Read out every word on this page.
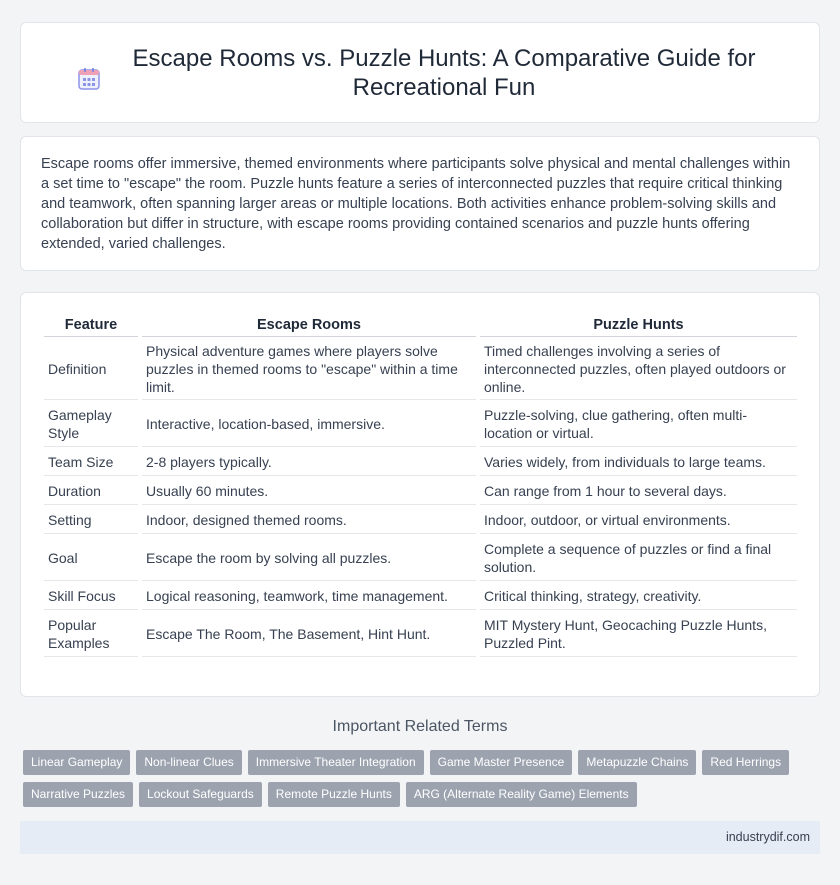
Escape Rooms vs. Puzzle Hunts: A Comparative Guide for Recreational Fun

Escape rooms offer immersive, themed environments where participants solve physical and mental challenges within a set time to "escape" the room. Puzzle hunts feature a series of interconnected puzzles that require critical thinking and teamwork, often spanning larger areas or multiple locations. Both activities enhance problem-solving skills and collaboration but differ in structure, with escape rooms providing contained scenarios and puzzle hunts offering extended, varied challenges.

Feature	Escape Rooms	Puzzle Hunts
Definition	Physical adventure games where players solve puzzles in themed rooms to "escape" within a time limit.	Timed challenges involving a series of interconnected puzzles, often played outdoors or online.
Gameplay Style	Interactive, location-based, immersive.	Puzzle-solving, clue gathering, often multi-location or virtual.
Team Size	2-8 players typically.	Varies widely, from individuals to large teams.
Duration	Usually 60 minutes.	Can range from 1 hour to several days.
Setting	Indoor, designed themed rooms.	Indoor, outdoor, or virtual environments.
Goal	Escape the room by solving all puzzles.	Complete a sequence of puzzles or find a final solution.
Skill Focus	Logical reasoning, teamwork, time management.	Critical thinking, strategy, creativity.
Popular Examples	Escape The Room, The Basement, Hint Hunt.	MIT Mystery Hunt, Geocaching Puzzle Hunts, Puzzled Pint.
Important Related Terms
Linear Gameplay	Non-linear Clues	Immersive Theater Integration	Game Master Presence	Metapuzzle Chains	Red Herrings
Narrative Puzzles	Lockout Safeguards	Remote Puzzle Hunts	ARG (Alternate Reality Game) Elements
industrydif.com
